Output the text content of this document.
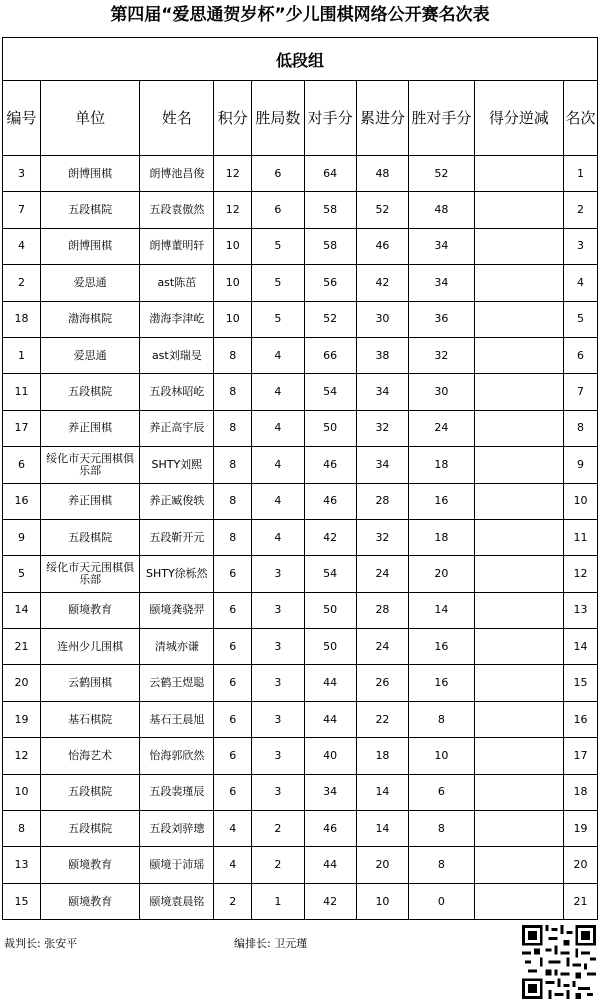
第四届“爱思通贺岁杯”少儿围棋网络公开赛名次表
低段组									
编号	单位	姓名	积分	胜局数	对手分	累进分	胜对手分	得分逆减	名次
3	朗博围棋	朗博池昌俊	12	6	64	48	52		1
7	五段棋院	五段袁傲然	12	6	58	52	48		2
4	朗博围棋	朗博董明轩	10	5	58	46	34		3
2	爱思通	ast陈茁	10	5	56	42	34		4
18	渤海棋院	渤海李津屹	10	5	52	30	36		5
1	爱思通	ast刘瑞旻	8	4	66	38	32		6
11	五段棋院	五段林昭屹	8	4	54	34	30		7
17	养正围棋	养正高宇辰	8	4	50	32	24		8
6	绥化市天元围棋俱乐部	SHTY刘熙	8	4	46	34	18		9
16	养正围棋	养正臧俊轶	8	4	46	28	16		10
9	五段棋院	五段靳开元	8	4	42	32	18		11
5	绥化市天元围棋俱乐部	SHTY徐栎然	6	3	54	24	20		12
14	颐境教育	颐境龚骁羿	6	3	50	28	14		13
21	连州少儿围棋	清城亦谦	6	3	50	24	16		14
20	云鹤围棋	云鹤王煜聪	6	3	44	26	16		15
19	基石棋院	基石王晨旭	6	3	44	22	8		16
12	怡海艺术	怡海郭欣然	6	3	40	18	10		17
10	五段棋院	五段裴瑾辰	6	3	34	14	6		18
8	五段棋院	五段刘骍璁	4	2	46	14	8		19
13	颐境教育	颐境于沛瑶	4	2	44	20	8		20
15	颐境教育	颐境袁晨铭	2	1	42	10	0		21
裁判长: 张安平	编排长: 卫元瑾
